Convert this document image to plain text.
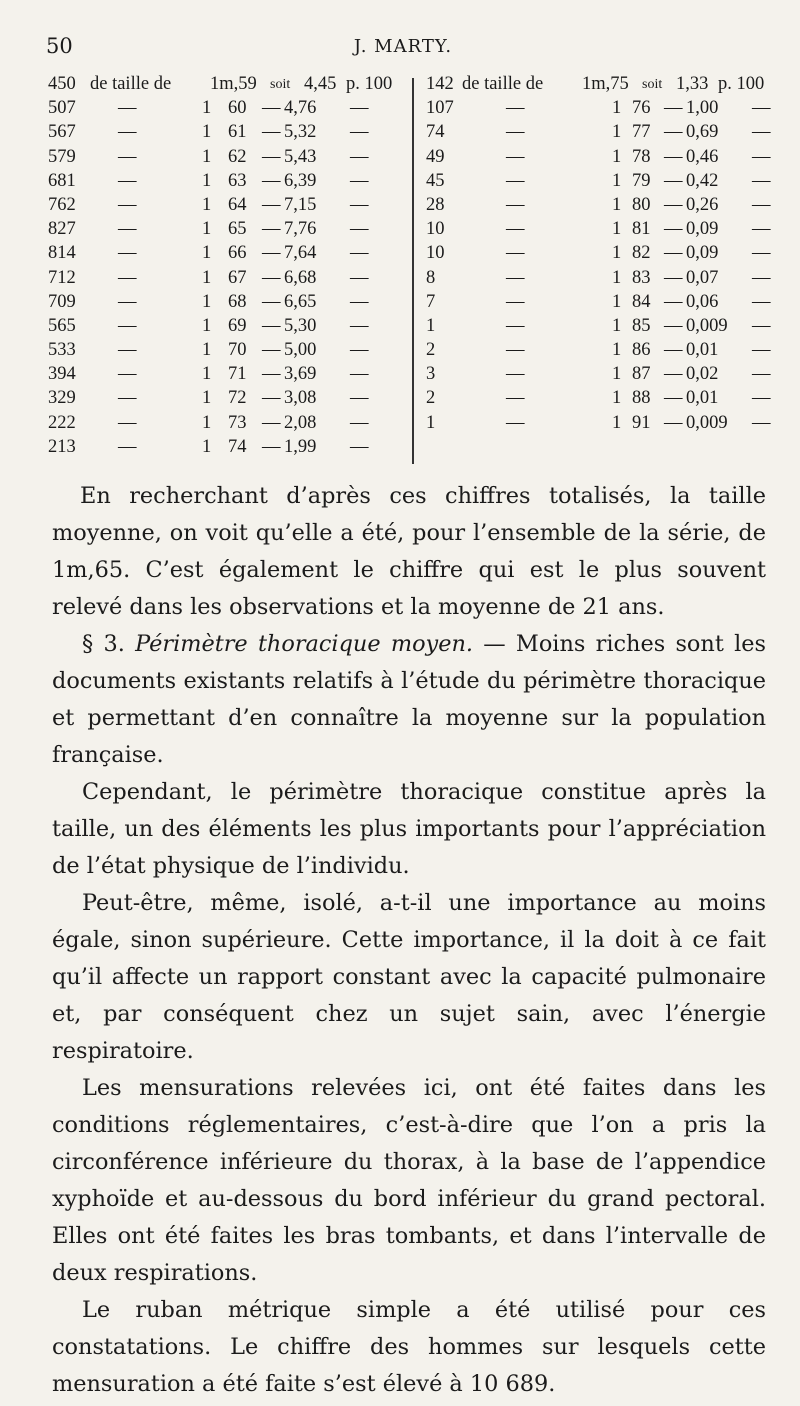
50	J. MARTY.
450 de taille de 1m,59 soit 4,45 p. 100
507 —	1 60 — 4,76 —
567 —	1 61 — 5,32 —
579 —	1 62 — 5,43 —
681 —	1 63 — 6,39 —
762 —	1 64 — 7,15 —
827 —	1 65 — 7,76 —
814 —	1 66 — 7,64 —
712 —	1 67 — 6,68 —
709 —	1 68 — 6,65 —
565 —	1 69 — 5,30 —
533 —	1 70 — 5,00 —
394 —	1 71 — 3,69 —
329 —	1 72 — 3,08 —
222 —	1 73 — 2,08 —
213 —	1 74 — 1,99 —
142 de taille de 1m,75 soit 1,33 p. 100
107	—	1 76 — 1,00 —
74	—	1 77 — 0,69 —
49	—	1 78 — 0,46 —
45	—	1 79 — 0,42 —
28	—	1 80 — 0,26 —
10	—	1 81 — 0,09 —
10	—	1 82 — 0,09 —
8	—	1 83 — 0,07 —
7	—	1 84 — 0,06 —
1	—	1 85 — 0,009 —
2	—	1 86 — 0,01 —
3	—	1 87 — 0,02 —
2	—	1 88 — 0,01 —
1	—	1 91 — 0,009 —

En recherchant d’après ces chiffres totalisés, la taille moyenne, on voit qu’elle a été, pour l’ensemble de la série, de 1m,65. C’est également le chiffre qui est le plus souvent relevé dans les observations et la moyenne de 21 ans.

§ 3. Périmètre thoracique moyen. — Moins riches sont les documents existants relatifs à l’étude du périmètre thoracique et permettant d’en connaître la moyenne sur la population française.

Cependant, le périmètre thoracique constitue après la taille, un des éléments les plus importants pour l’appréciation de l’état physique de l’individu.

Peut-être, même, isolé, a-t-il une importance au moins égale, sinon supérieure. Cette importance, il la doit à ce fait qu’il affecte un rapport constant avec la capacité pulmonaire et, par conséquent chez un sujet sain, avec l’énergie respiratoire.

Les mensurations relevées ici, ont été faites dans les conditions réglementaires, c’est-à-dire que l’on a pris la circonférence inférieure du thorax, à la base de l’appendice xyphoïde et au-dessous du bord inférieur du grand pectoral. Elles ont été faites les bras tombants, et dans l’intervalle de deux respirations.

Le ruban métrique simple a été utilisé pour ces constatations. Le chiffre des hommes sur lesquels cette mensuration a été faite s’est élevé à 10 689.
